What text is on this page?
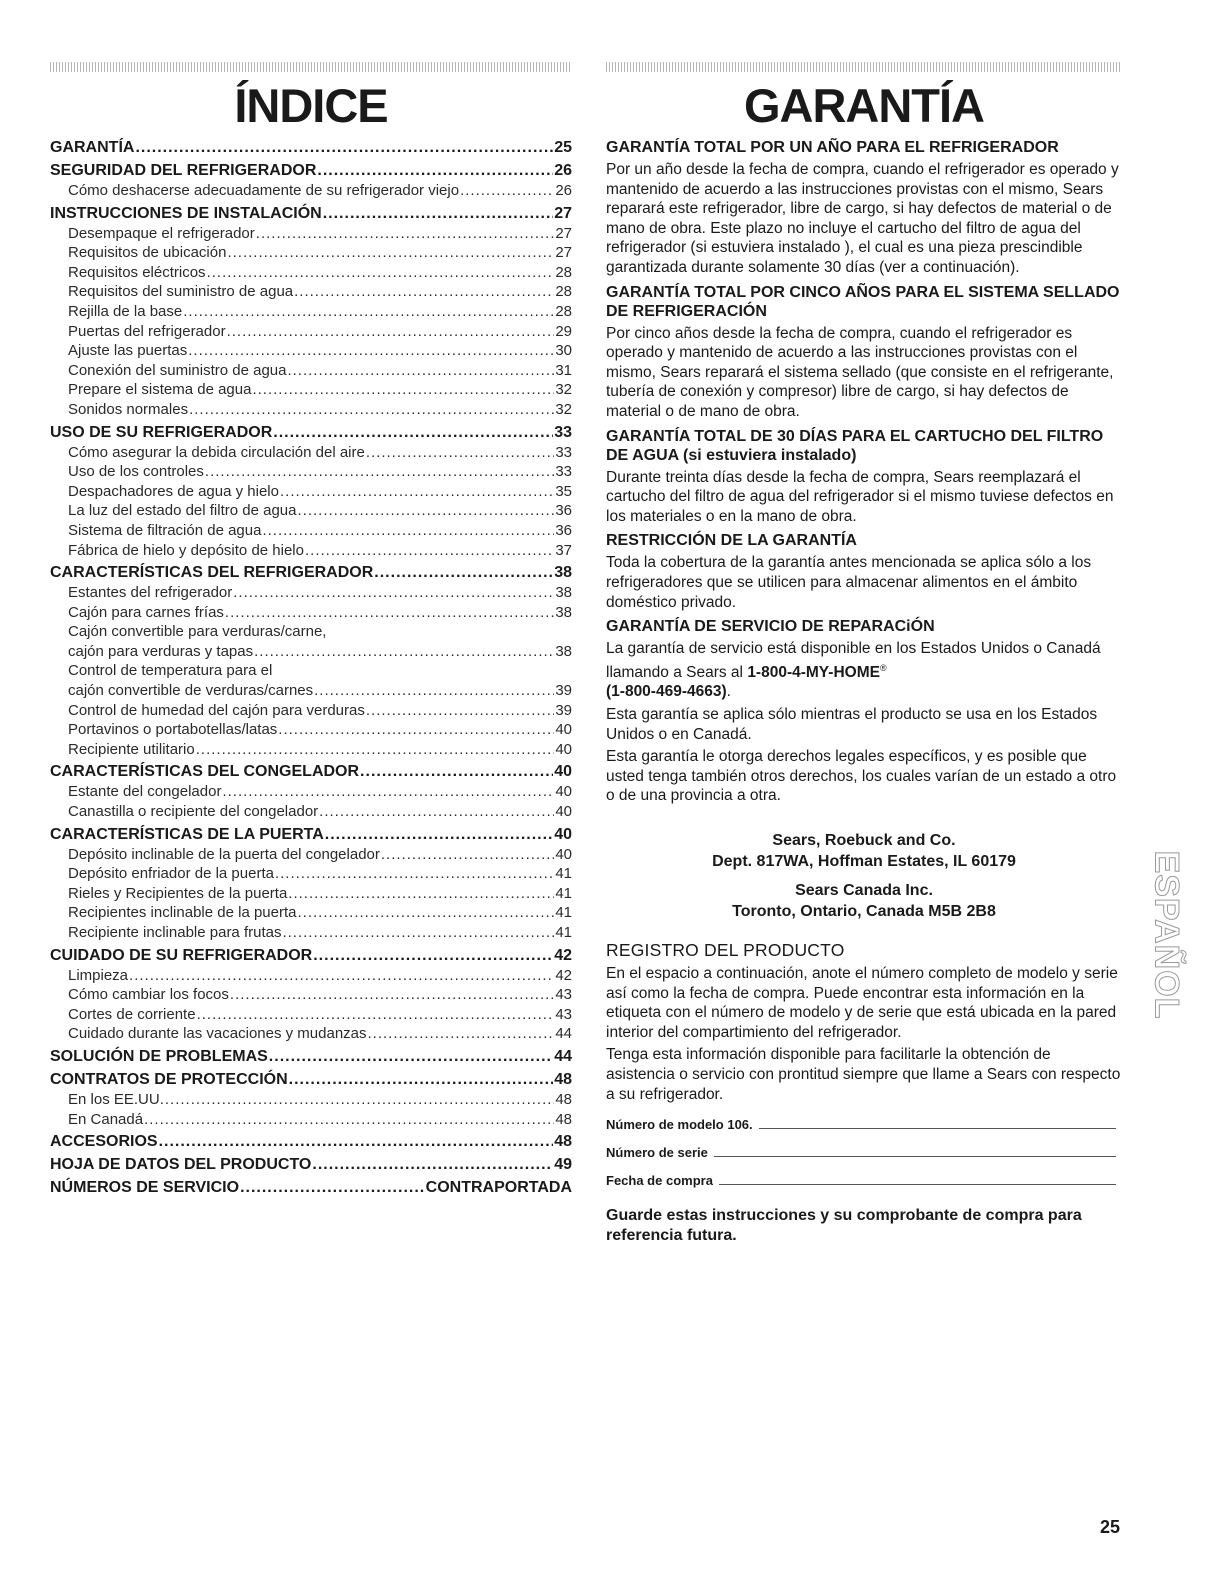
ÍNDICE
GARANTÍA .....	25
SEGURIDAD DEL REFRIGERADOR .....	26
Cómo deshacerse adecuadamente de su refrigerador viejo .....	26
INSTRUCCIONES DE INSTALACIÓN .....	27
Desempaque el refrigerador .....	27
Requisitos de ubicación .....	27
Requisitos eléctricos .....	28
Requisitos del suministro de agua .....	28
Rejilla de la base .....	28
Puertas del refrigerador .....	29
Ajuste las puertas .....	30
Conexión del suministro de agua .....	31
Prepare el sistema de agua .....	32
Sonidos normales .....	32
USO DE SU REFRIGERADOR .....	33
Cómo asegurar la debida circulación del aire .....	33
Uso de los controles .....	33
Despachadores de agua y hielo .....	35
La luz del estado del filtro de agua .....	36
Sistema de filtración de agua .....	36
Fábrica de hielo y depósito de hielo .....	37
CARACTERÍSTICAS DEL REFRIGERADOR .....	38
Estantes del refrigerador .....	38
Cajón para carnes frías .....	38
Cajón convertible para verduras/carne,
cajón para verduras y tapas .....	38
Control de temperatura para el
cajón convertible de verduras/carnes .....	39
Control de humedad del cajón para verduras .....	39
Portavinos o portabotellas/latas .....	40
Recipiente utilitario .....	40
CARACTERÍSTICAS DEL CONGELADOR .....	40
Estante del congelador .....	40
Canastilla o recipiente del congelador .....	40
CARACTERÍSTICAS DE LA PUERTA .....	40
Depósito inclinable de la puerta del congelador .....	40
Depósito enfriador de la puerta .....	41
Rieles y Recipientes de la puerta .....	41
Recipientes inclinable de la puerta .....	41
Recipiente inclinable para frutas .....	41
CUIDADO DE SU REFRIGERADOR .....	42
Limpieza .....	42
Cómo cambiar los focos .....	43
Cortes de corriente .....	43
Cuidado durante las vacaciones y mudanzas .....	44
SOLUCIÓN DE PROBLEMAS .....	44
CONTRATOS DE PROTECCIÓN .....	48
En los EE.UU. .....	48
En Canadá .....	48
ACCESORIOS .....	48
HOJA DE DATOS DEL PRODUCTO .....	49
NÚMEROS DE SERVICIO .....	CONTRAPORTADA
GARANTÍA
GARANTÍA TOTAL POR UN AÑO PARA EL REFRIGERADOR

Por un año desde la fecha de compra, cuando el refrigerador es operado y mantenido de acuerdo a las instrucciones provistas con el mismo, Sears reparará este refrigerador, libre de cargo, si hay defectos de material o de mano de obra. Este plazo no incluye el cartucho del filtro de agua del refrigerador (si estuviera instalado ), el cual es una pieza prescindible garantizada durante solamente 30 días (ver a continuación).

GARANTÍA TOTAL POR CINCO AÑOS PARA EL SISTEMA SELLADO DE REFRIGERACIÓN

Por cinco años desde la fecha de compra, cuando el refrigerador es operado y mantenido de acuerdo a las instrucciones provistas con el mismo, Sears reparará el sistema sellado (que consiste en el refrigerante, tubería de conexión y compresor) libre de cargo, si hay defectos de material o de mano de obra.

GARANTÍA TOTAL DE 30 DÍAS PARA EL CARTUCHO DEL FILTRO DE AGUA (si estuviera instalado)

Durante treinta días desde la fecha de compra, Sears reemplazará el cartucho del filtro de agua del refrigerador si el mismo tuviese defectos en los materiales o en la mano de obra.

RESTRICCIÓN DE LA GARANTÍA

Toda la cobertura de la garantía antes mencionada se aplica sólo a los refrigeradores que se utilicen para almacenar alimentos en el ámbito doméstico privado.

GARANTÍA DE SERVICIO DE REPARACiÓN

La garantía de servicio está disponible en los Estados Unidos o Canadá llamando a Sears al 1-800-4-MY-HOME®
(1-800-469-4663).

Esta garantía se aplica sólo mientras el producto se usa en los Estados Unidos o en Canadá.

Esta garantía le otorga derechos legales específicos, y es posible que usted tenga también otros derechos, los cuales varían de un estado a otro o de una provincia a otra.

Sears, Roebuck and Co.
Dept. 817WA, Hoffman Estates, IL 60179
Sears Canada Inc.
Toronto, Ontario, Canada M5B 2B8
REGISTRO DEL PRODUCTO

En el espacio a continuación, anote el número completo de modelo y serie así como la fecha de compra. Puede encontrar esta información en la etiqueta con el número de modelo y de serie que está ubicada en la pared interior del compartimiento del refrigerador.

Tenga esta información disponible para facilitarle la obtención de asistencia o servicio con prontitud siempre que llame a Sears con respecto a su refrigerador.

Número de modelo 106.
Número de serie
Fecha de compra
Guarde estas instrucciones y su comprobante de compra para referencia futura.
ESPAÑOL
25
